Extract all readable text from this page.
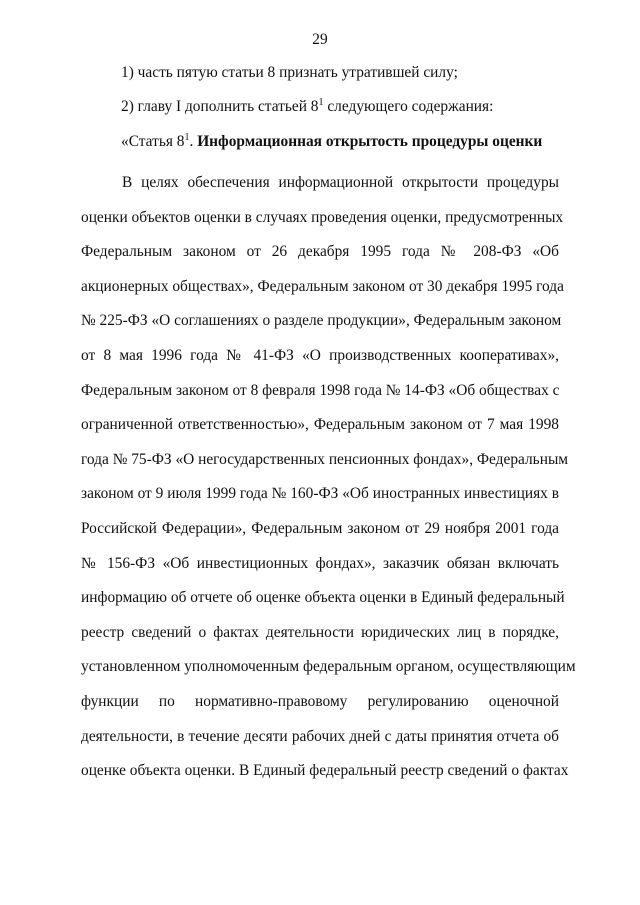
29
1) часть пятую статьи 8 признать утратившей силу;
2) главу I дополнить статьей $8^1$ следующего содержания:
«Статья $8^1$. Информационная открытость процедуры оценки
В целях обеспечения информационной открытости процедуры
оценки объектов оценки в случаях проведения оценки, предусмотренных
Федеральным законом от 26 декабря 1995 года № 208-ФЗ «Об
акционерных обществах», Федеральным законом от 30 декабря 1995 года
№ 225-ФЗ «О соглашениях о разделе продукции», Федеральным законом
от 8 мая 1996 года № 41-ФЗ «О производственных кооперативах»,
Федеральным законом от 8 февраля 1998 года № 14-ФЗ «Об обществах с
ограниченной ответственностью», Федеральным законом от 7 мая 1998
года № 75-ФЗ «О негосударственных пенсионных фондах», Федеральным
законом от 9 июля 1999 года № 160-ФЗ «Об иностранных инвестициях в
Российской Федерации», Федеральным законом от 29 ноября 2001 года
№ 156-ФЗ «Об инвестиционных фондах», заказчик обязан включать
информацию об отчете об оценке объекта оценки в Единый федеральный
реестр сведений о фактах деятельности юридических лиц в порядке,
установленном уполномоченным федеральным органом, осуществляющим
функции по нормативно-правовому регулированию оценочной
деятельности, в течение десяти рабочих дней с даты принятия отчета об
оценке объекта оценки. В Единый федеральный реестр сведений о фактах
